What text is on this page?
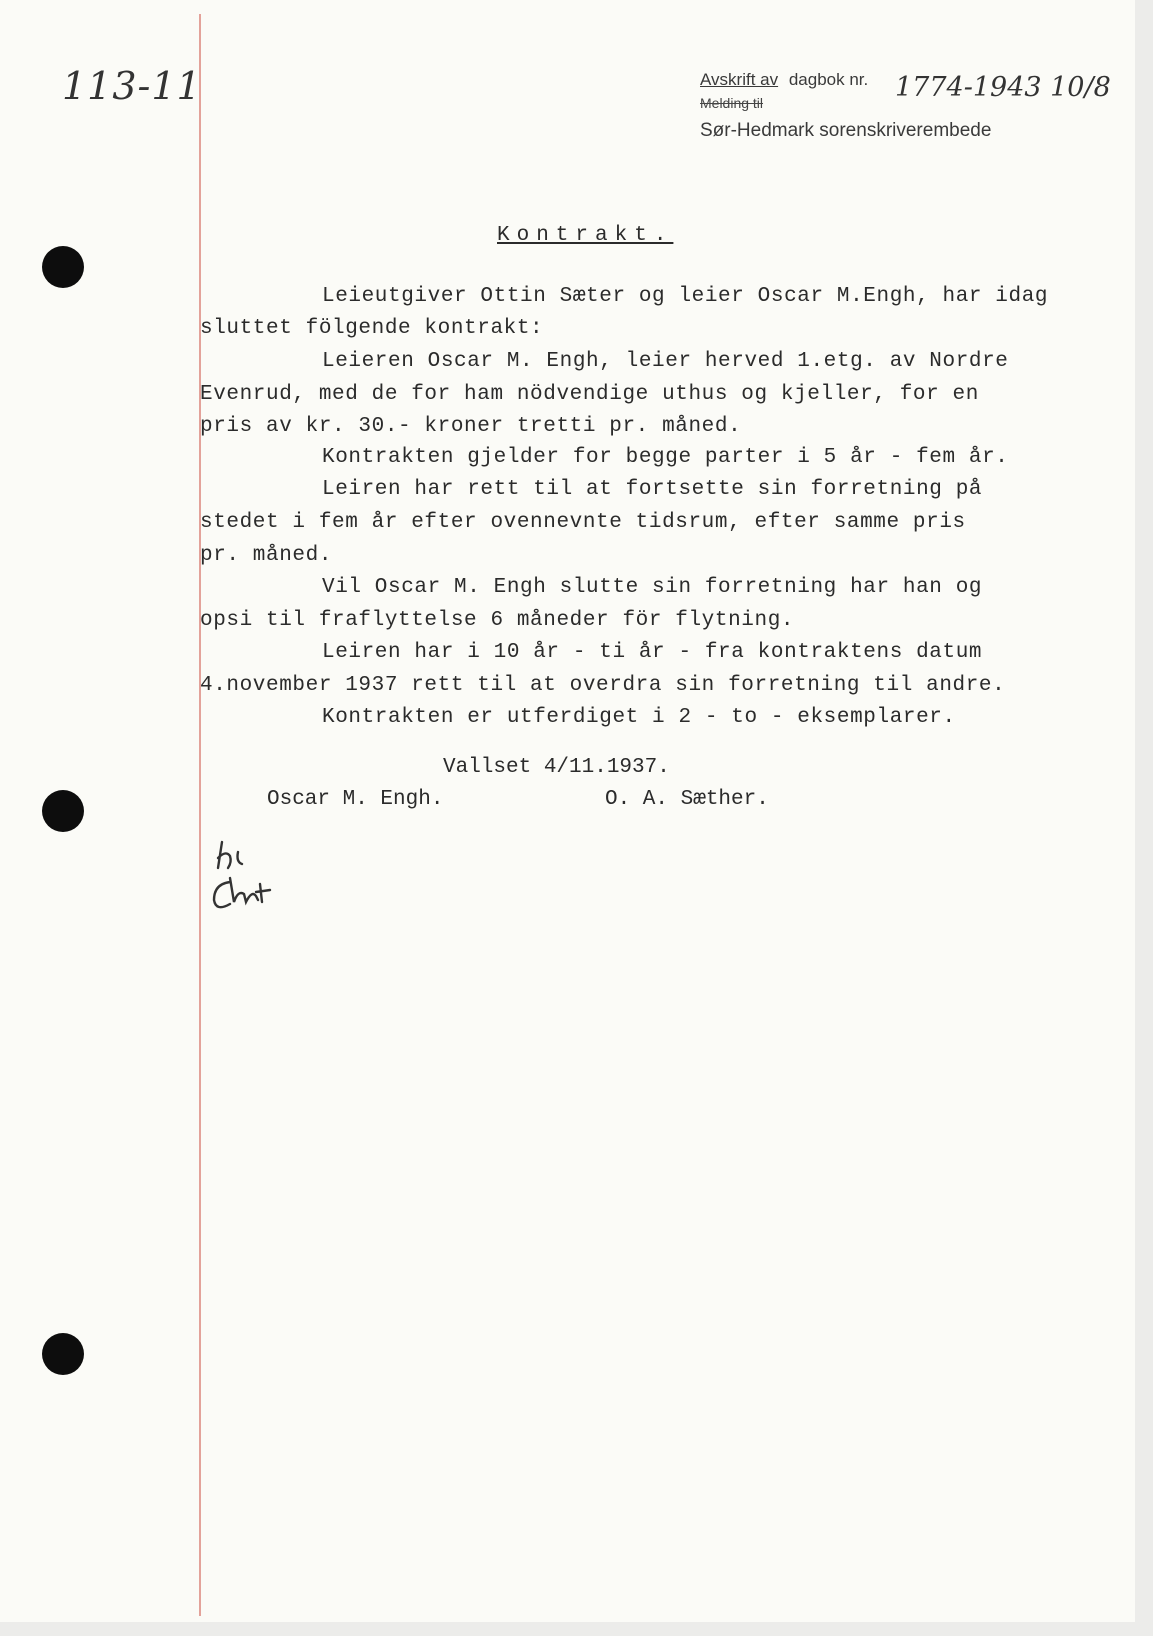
113-11	Avskrift av dagbok nr.
Melding til	1774-1943 10/8
Sør-Hedmark sorenskriverembede
Kontrakt.
Leieutgiver Ottin Sæter og leier Oscar M.Engh, har idag
sluttet fölgende kontrakt:
Leieren Oscar M. Engh, leier herved 1.etg. av Nordre
Evenrud, med de for ham nödvendige uthus og kjeller, for en
pris av kr. 30.- kroner tretti pr. måned.
Kontrakten gjelder for begge parter i 5 år - fem år.
Leiren har rett til at fortsette sin forretning på
stedet i fem år efter ovennevnte tidsrum, efter samme pris
pr. måned.
Vil Oscar M. Engh slutte sin forretning har han og
opsi til fraflyttelse 6 måneder för flytning.
Leiren har i 10 år - ti år - fra kontraktens datum
4.november 1937 rett til at overdra sin forretning til andre.
Kontrakten er utferdiget i 2 - to - eksemplarer.
Vallset 4/11.1937.
Oscar M. Engh.	O. A. Sæther.
